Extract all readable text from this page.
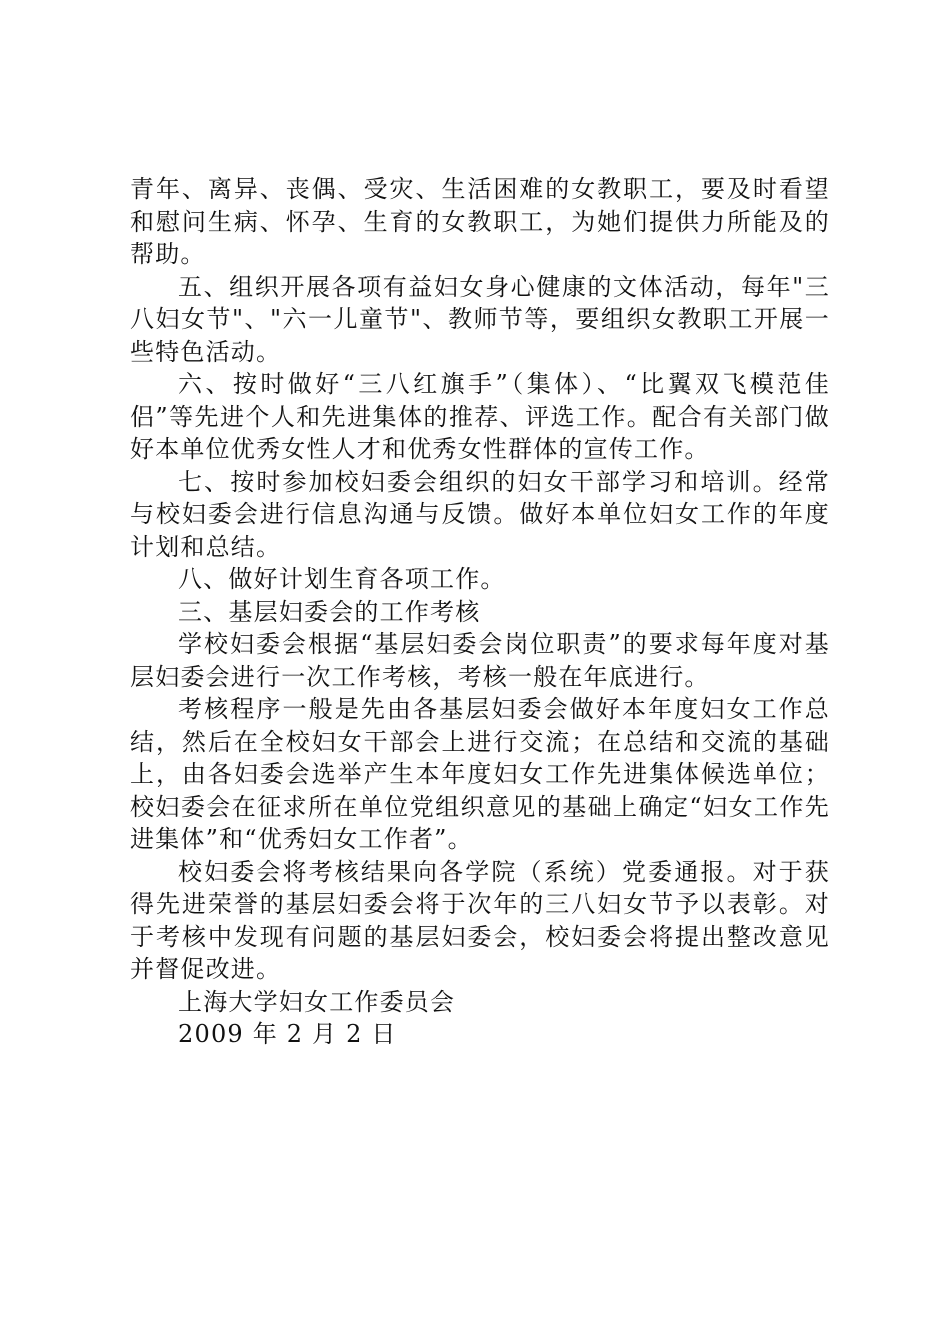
青年、离异、丧偶、受灾、生活困难的女教职工，要及时看望和慰问生病、怀孕、生育的女教职工，为她们提供力所能及的帮助。

五、组织开展各项有益妇女身心健康的文体活动，每年"三八妇女节"、"六一儿童节"、教师节等，要组织女教职工开展一些特色活动。

六、按时做好“三八红旗手”（集体）、“比翼双飞模范佳侣”等先进个人和先进集体的推荐、评选工作。配合有关部门做好本单位优秀女性人才和优秀女性群体的宣传工作。

七、按时参加校妇委会组织的妇女干部学习和培训。经常与校妇委会进行信息沟通与反馈。做好本单位妇女工作的年度计划和总结。

八、做好计划生育各项工作。

三、基层妇委会的工作考核

学校妇委会根据“基层妇委会岗位职责”的要求每年度对基层妇委会进行一次工作考核，考核一般在年底进行。

考核程序一般是先由各基层妇委会做好本年度妇女工作总结，然后在全校妇女干部会上进行交流；在总结和交流的基础上，由各妇委会选举产生本年度妇女工作先进集体候选单位；校妇委会在征求所在单位党组织意见的基础上确定“妇女工作先进集体”和“优秀妇女工作者”。

校妇委会将考核结果向各学院（系统）党委通报。对于获得先进荣誉的基层妇委会将于次年的三八妇女节予以表彰。对于考核中发现有问题的基层妇委会，校妇委会将提出整改意见并督促改进。

上海大学妇女工作委员会

2009 年 2 月 2 日
